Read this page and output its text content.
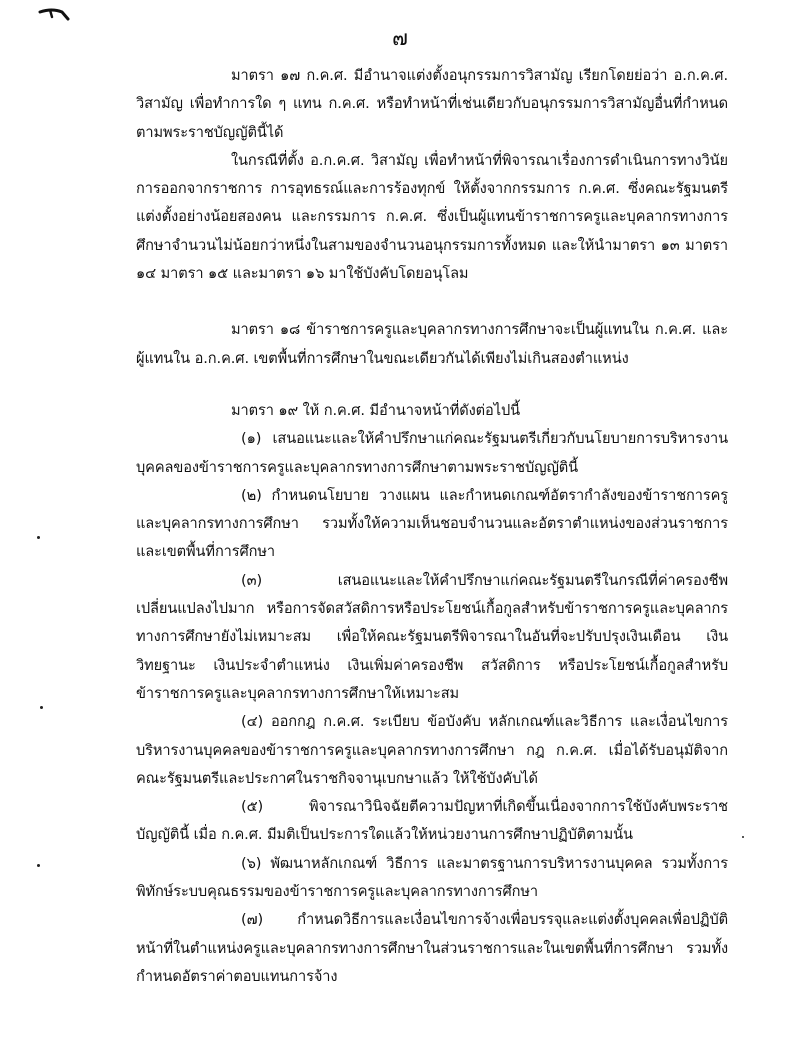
๗

มาตรา ๑๗ ก.ค.ศ. มีอำนาจแต่งตั้งอนุกรรมการวิสามัญ เรียกโดยย่อว่า อ.ก.ค.ศ. วิสามัญ เพื่อทำการใด ๆ แทน ก.ค.ศ. หรือทำหน้าที่เช่นเดียวกับอนุกรรมการวิสามัญอื่นที่กำหนดตามพระราชบัญญัตินี้ได้

ในกรณีที่ตั้ง อ.ก.ค.ศ. วิสามัญ เพื่อทำหน้าที่พิจารณาเรื่องการดำเนินการทางวินัย การออกจากราชการ การอุทธรณ์และการร้องทุกข์ ให้ตั้งจากกรรมการ ก.ค.ศ. ซึ่งคณะรัฐมนตรีแต่งตั้งอย่างน้อยสองคน และกรรมการ ก.ค.ศ. ซึ่งเป็นผู้แทนข้าราชการครูและบุคลากรทางการศึกษาจำนวนไม่น้อยกว่าหนึ่งในสามของจำนวนอนุกรรมการทั้งหมด และให้นำมาตรา ๑๓ มาตรา ๑๔ มาตรา ๑๕ และมาตรา ๑๖ มาใช้บังคับโดยอนุโลม

มาตรา ๑๘ ข้าราชการครูและบุคลากรทางการศึกษาจะเป็นผู้แทนใน ก.ค.ศ. และผู้แทนใน อ.ก.ค.ศ. เขตพื้นที่การศึกษาในขณะเดียวกันได้เพียงไม่เกินสองตำแหน่ง

มาตรา ๑๙ ให้ ก.ค.ศ. มีอำนาจหน้าที่ดังต่อไปนี้

(๑) เสนอแนะและให้คำปรึกษาแก่คณะรัฐมนตรีเกี่ยวกับนโยบายการบริหารงานบุคคลของข้าราชการครูและบุคลากรทางการศึกษาตามพระราชบัญญัตินี้

(๒) กำหนดนโยบาย วางแผน และกำหนดเกณฑ์อัตรากำลังของข้าราชการครูและบุคลากรทางการศึกษา รวมทั้งให้ความเห็นชอบจำนวนและอัตราตำแหน่งของส่วนราชการและเขตพื้นที่การศึกษา

(๓) เสนอแนะและให้คำปรึกษาแก่คณะรัฐมนตรีในกรณีที่ค่าครองชีพเปลี่ยนแปลงไปมาก หรือการจัดสวัสดิการหรือประโยชน์เกื้อกูลสำหรับข้าราชการครูและบุคลากรทางการศึกษายังไม่เหมาะสม เพื่อให้คณะรัฐมนตรีพิจารณาในอันที่จะปรับปรุงเงินเดือน เงินวิทยฐานะ เงินประจำตำแหน่ง เงินเพิ่มค่าครองชีพ สวัสดิการ หรือประโยชน์เกื้อกูลสำหรับข้าราชการครูและบุคลากรทางการศึกษาให้เหมาะสม

(๔) ออกกฎ ก.ค.ศ. ระเบียบ ข้อบังคับ หลักเกณฑ์และวิธีการ และเงื่อนไขการบริหารงานบุคคลของข้าราชการครูและบุคลากรทางการศึกษา กฎ ก.ค.ศ. เมื่อได้รับอนุมัติจากคณะรัฐมนตรีและประกาศในราชกิจจานุเบกษาแล้ว ให้ใช้บังคับได้

(๕) พิจารณาวินิจฉัยตีความปัญหาที่เกิดขึ้นเนื่องจากการใช้บังคับพระราชบัญญัตินี้ เมื่อ ก.ค.ศ. มีมติเป็นประการใดแล้วให้หน่วยงานการศึกษาปฏิบัติตามนั้น

(๖) พัฒนาหลักเกณฑ์ วิธีการ และมาตรฐานการบริหารงานบุคคล รวมทั้งการพิทักษ์ระบบคุณธรรมของข้าราชการครูและบุคลากรทางการศึกษา

(๗) กำหนดวิธีการและเงื่อนไขการจ้างเพื่อบรรจุและแต่งตั้งบุคคลเพื่อปฏิบัติหน้าที่ในตำแหน่งครูและบุคลากรทางการศึกษาในส่วนราชการและในเขตพื้นที่การศึกษา รวมทั้งกำหนดอัตราค่าตอบแทนการจ้าง
